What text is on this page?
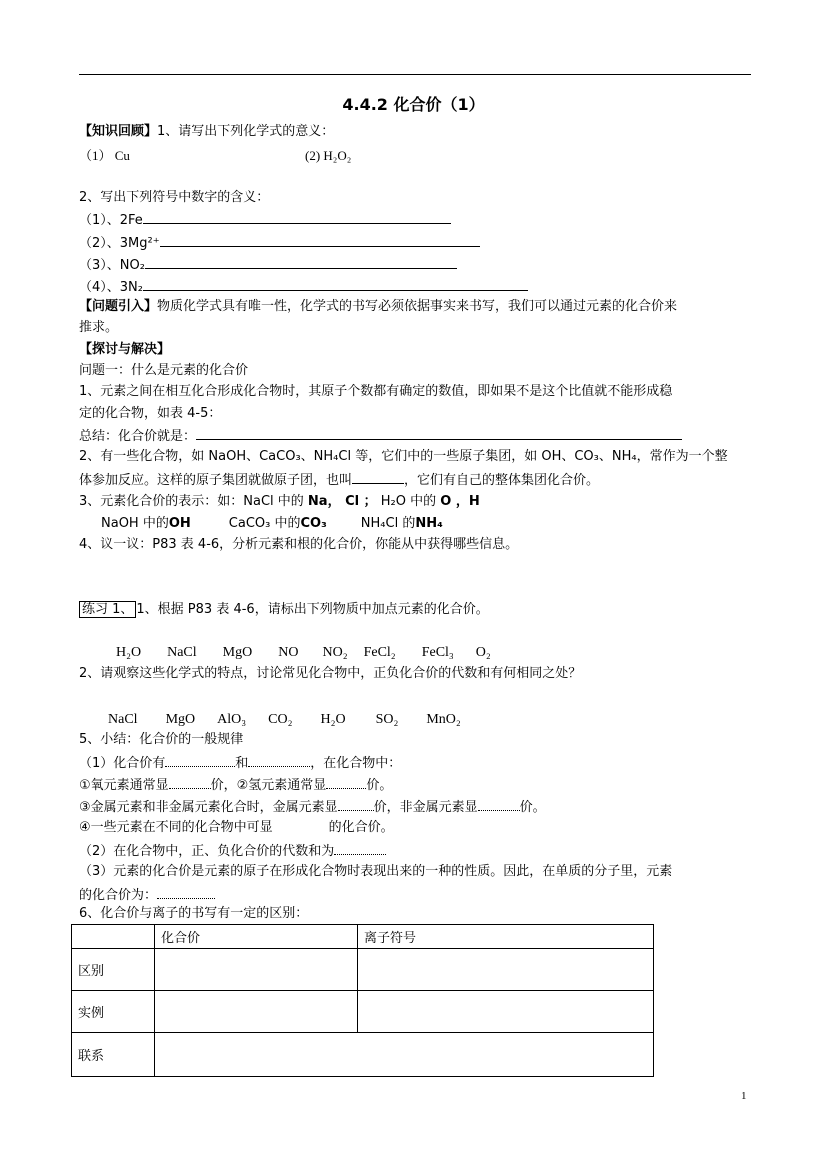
4.4.2 化合价（1）
【知识回顾】1、请写出下列化学式的意义：
（1） Cu	(2) H₂O₂
2、写出下列符号中数字的含义：
（1）、2Fe
（2）、3Mg²⁺
（3）、NO₂
（4）、3N₂
【问题引入】物质化学式具有唯一性，化学式的书写必须依据事实来书写，我们可以通过元素的化合价来
推求。
【探讨与解决】
问题一：什么是元素的化合价
1、元素之间在相互化合形成化合物时，其原子个数都有确定的数值，即如果不是这个比值就不能形成稳
定的化合物，如表 4-5：
总结：化合价就是：
2、有一些化合物，如 NaOH、CaCO₃、NH₄Cl 等，它们中的一些原子集团，如 OH、CO₃、NH₄，常作为一个整
体参加反应。这样的原子集团就做原子团，也叫	，它们有自己的整体集团化合价。
3、元素化合价的表示：如：NaCl 中的 Na， Cl ； H₂O 中的 O ，H
NaOH 中的OH	CaCO₃ 中的CO₃	NH₄Cl 的NH₄
4、议一议：P83 表 4-6，分析元素和根的化合价，你能从中获得哪些信息。
练习 1、 1、根据 P83 表 4-6，请标出下列物质中加点元素的化合价。
H₂O NaCl MgO NO NO₂ FeCl₂ FeCl₃ O₂
2、请观察这些化学式的特点，讨论常见化合物中，正负化合价的代数和有何相同之处？
NaCl MgO AlO₃ CO₂ H₂O SO₂ MnO₂
5、小结：化合价的一般规律
（1）化合价有	和	，在化合物中：
①氧元素通常显	价，②氢元素通常显	价。
③金属元素和非金属元素化合时，金属元素显	价，非金属元素显	价。
④一些元素在不同的化合物中可显	的化合价。
（2）在化合物中，正、负化合价的代数和为
（3）元素的化合价是元素的原子在形成化合物时表现出来的一种的性质。因此，在单质的分子里，元素
的化合价为：
6、化合价与离子的书写有一定的区别：
	化合价	离子符号
区别		
实例		
联系		
1
